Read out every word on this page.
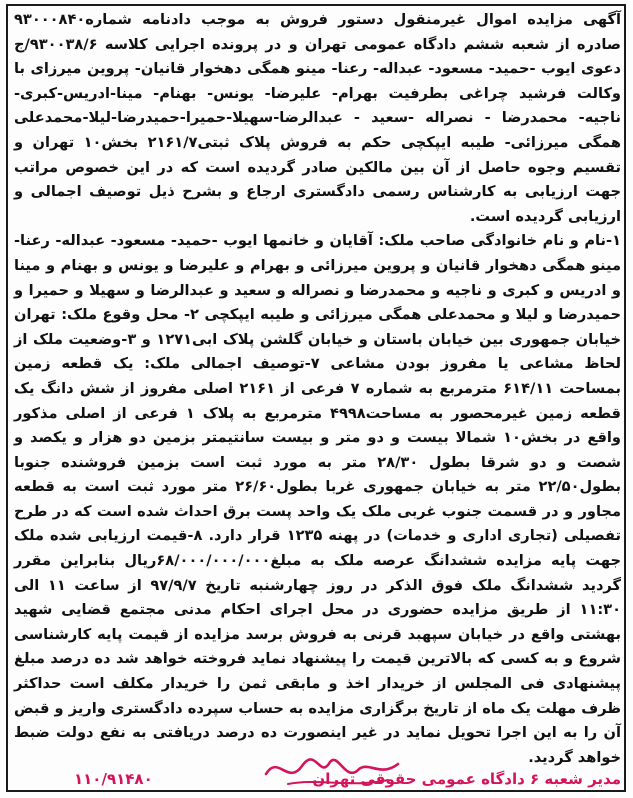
آگهی مزایده اموال غیرمنقول دستور فروش به موجب دادنامه شماره۹۳۰۰۰۸۴۰ صادره از شعبه ششم دادگاه عمومی تهران و در پرونده اجرایی کلاسه ۹۳۰۰۳۸/۶/ج دعوی ایوب -حمید- مسعود- عبداله- رعنا- مینو همگی دهخوار قانیان- پروین میرزای با وکالت فرشید چراغی بطرفیت بهرام- علیرضا- یونس- بهنام- مینا-ادریس-کبری- ناجیه- محمدرضا - نصراله -سعید - عبدالرضا-سهیلا-حمیرا-حمیدرضا-لیلا-محمدعلی همگی میرزائی- طیبه ایپکچی حکم به فروش پلاک ثبتی۲۱۶۱/۷ بخش۱۰ تهران و تقسیم وجوه حاصل از آن بین مالکین صادر گردیده است که در این خصوص مراتب جهت ارزیابی به کارشناس رسمی دادگستری ارجاع و بشرح ذیل توصیف اجمالی و ارزیابی گردیده است.

۱-نام و نام خانوادگی صاحب ملک: آقایان و خانمها ایوب -حمید- مسعود- عبداله- رعنا- مینو همگی دهخوار قانیان و پروین میرزائی و بهرام و علیرضا و یونس و بهنام و مینا و ادریس و کبری و ناجیه و محمدرضا و نصراله و سعید و عبدالرضا و سهیلا و حمیرا و حمیدرضا و لیلا و محمدعلی همگی میرزائی و طیبه ایپکچی ۲- محل وقوع ملک: تهران خیابان جمهوری بین خیابان باستان و خیابان گلشن پلاک ابی۱۲۷۱ و ۳-وضعیت ملک از لحاظ مشاعی یا مفروز بودن مشاعی ۷-توصیف اجمالی ملک: یک قطعه زمین بمساحت ۶۱۴/۱۱ مترمربع به شماره ۷ فرعی از ۲۱۶۱ اصلی مفروز از شش دانگ یک قطعه زمین غیرمحصور به مساحت۴۹۹۸ مترمربع به پلاک ۱ فرعی از اصلی مذکور واقع در بخش۱۰ شمالا بیست و دو متر و بیست سانتیمتر بزمین دو هزار و یکصد و شصت و دو شرقا بطول ۲۸/۳۰ متر به مورد ثبت است بزمین فروشنده جنوبا بطول۲۲/۵۰ متر به خیابان جمهوری غربا بطول۲۶/۶۰ متر مورد ثبت است به قطعه مجاور و در قسمت جنوب غربی ملک یک واحد پست برق احداث شده است که در طرح تفصیلی (تجاری اداری و خدمات) در پهنه ۱۲۳۵ قرار دارد. ۸-قیمت ارزیابی شده ملک جهت پایه مزایده ششدانگ عرصه ملک به مبلغ۶۸/۰۰۰/۰۰۰/۰۰۰ریال بنابراین مقرر گردید ششدانگ ملک فوق الذکر در روز چهارشنبه تاریخ ۹۷/۹/۷ از ساعت ۱۱ الی ۱۱:۳۰ از طریق مزایده حضوری در محل اجرای احکام مدنی مجتمع قضایی شهید بهشتی واقع در خیابان سپهبد قرنی به فروش برسد مزایده از قیمت پایه کارشناسی شروع و به کسی که بالاترین قیمت را پیشنهاد نماید فروخته خواهد شد ده درصد مبلغ پیشنهادی فی المجلس از خریدار اخذ و مابقی ثمن را خریدار مکلف است حداکثر ظرف مهلت یک ماه از تاریخ برگزاری مزایده به حساب سپرده دادگستری واریز و قبض آن را به این اجرا تحویل نماید در غیر اینصورت ده درصد دریافتی به نفع دولت ضبط خواهد گردید.

مدیر شعبه ۶ دادگاه عمومی حقوقی تهران
۱۱۰/۹۱۴۸۰
